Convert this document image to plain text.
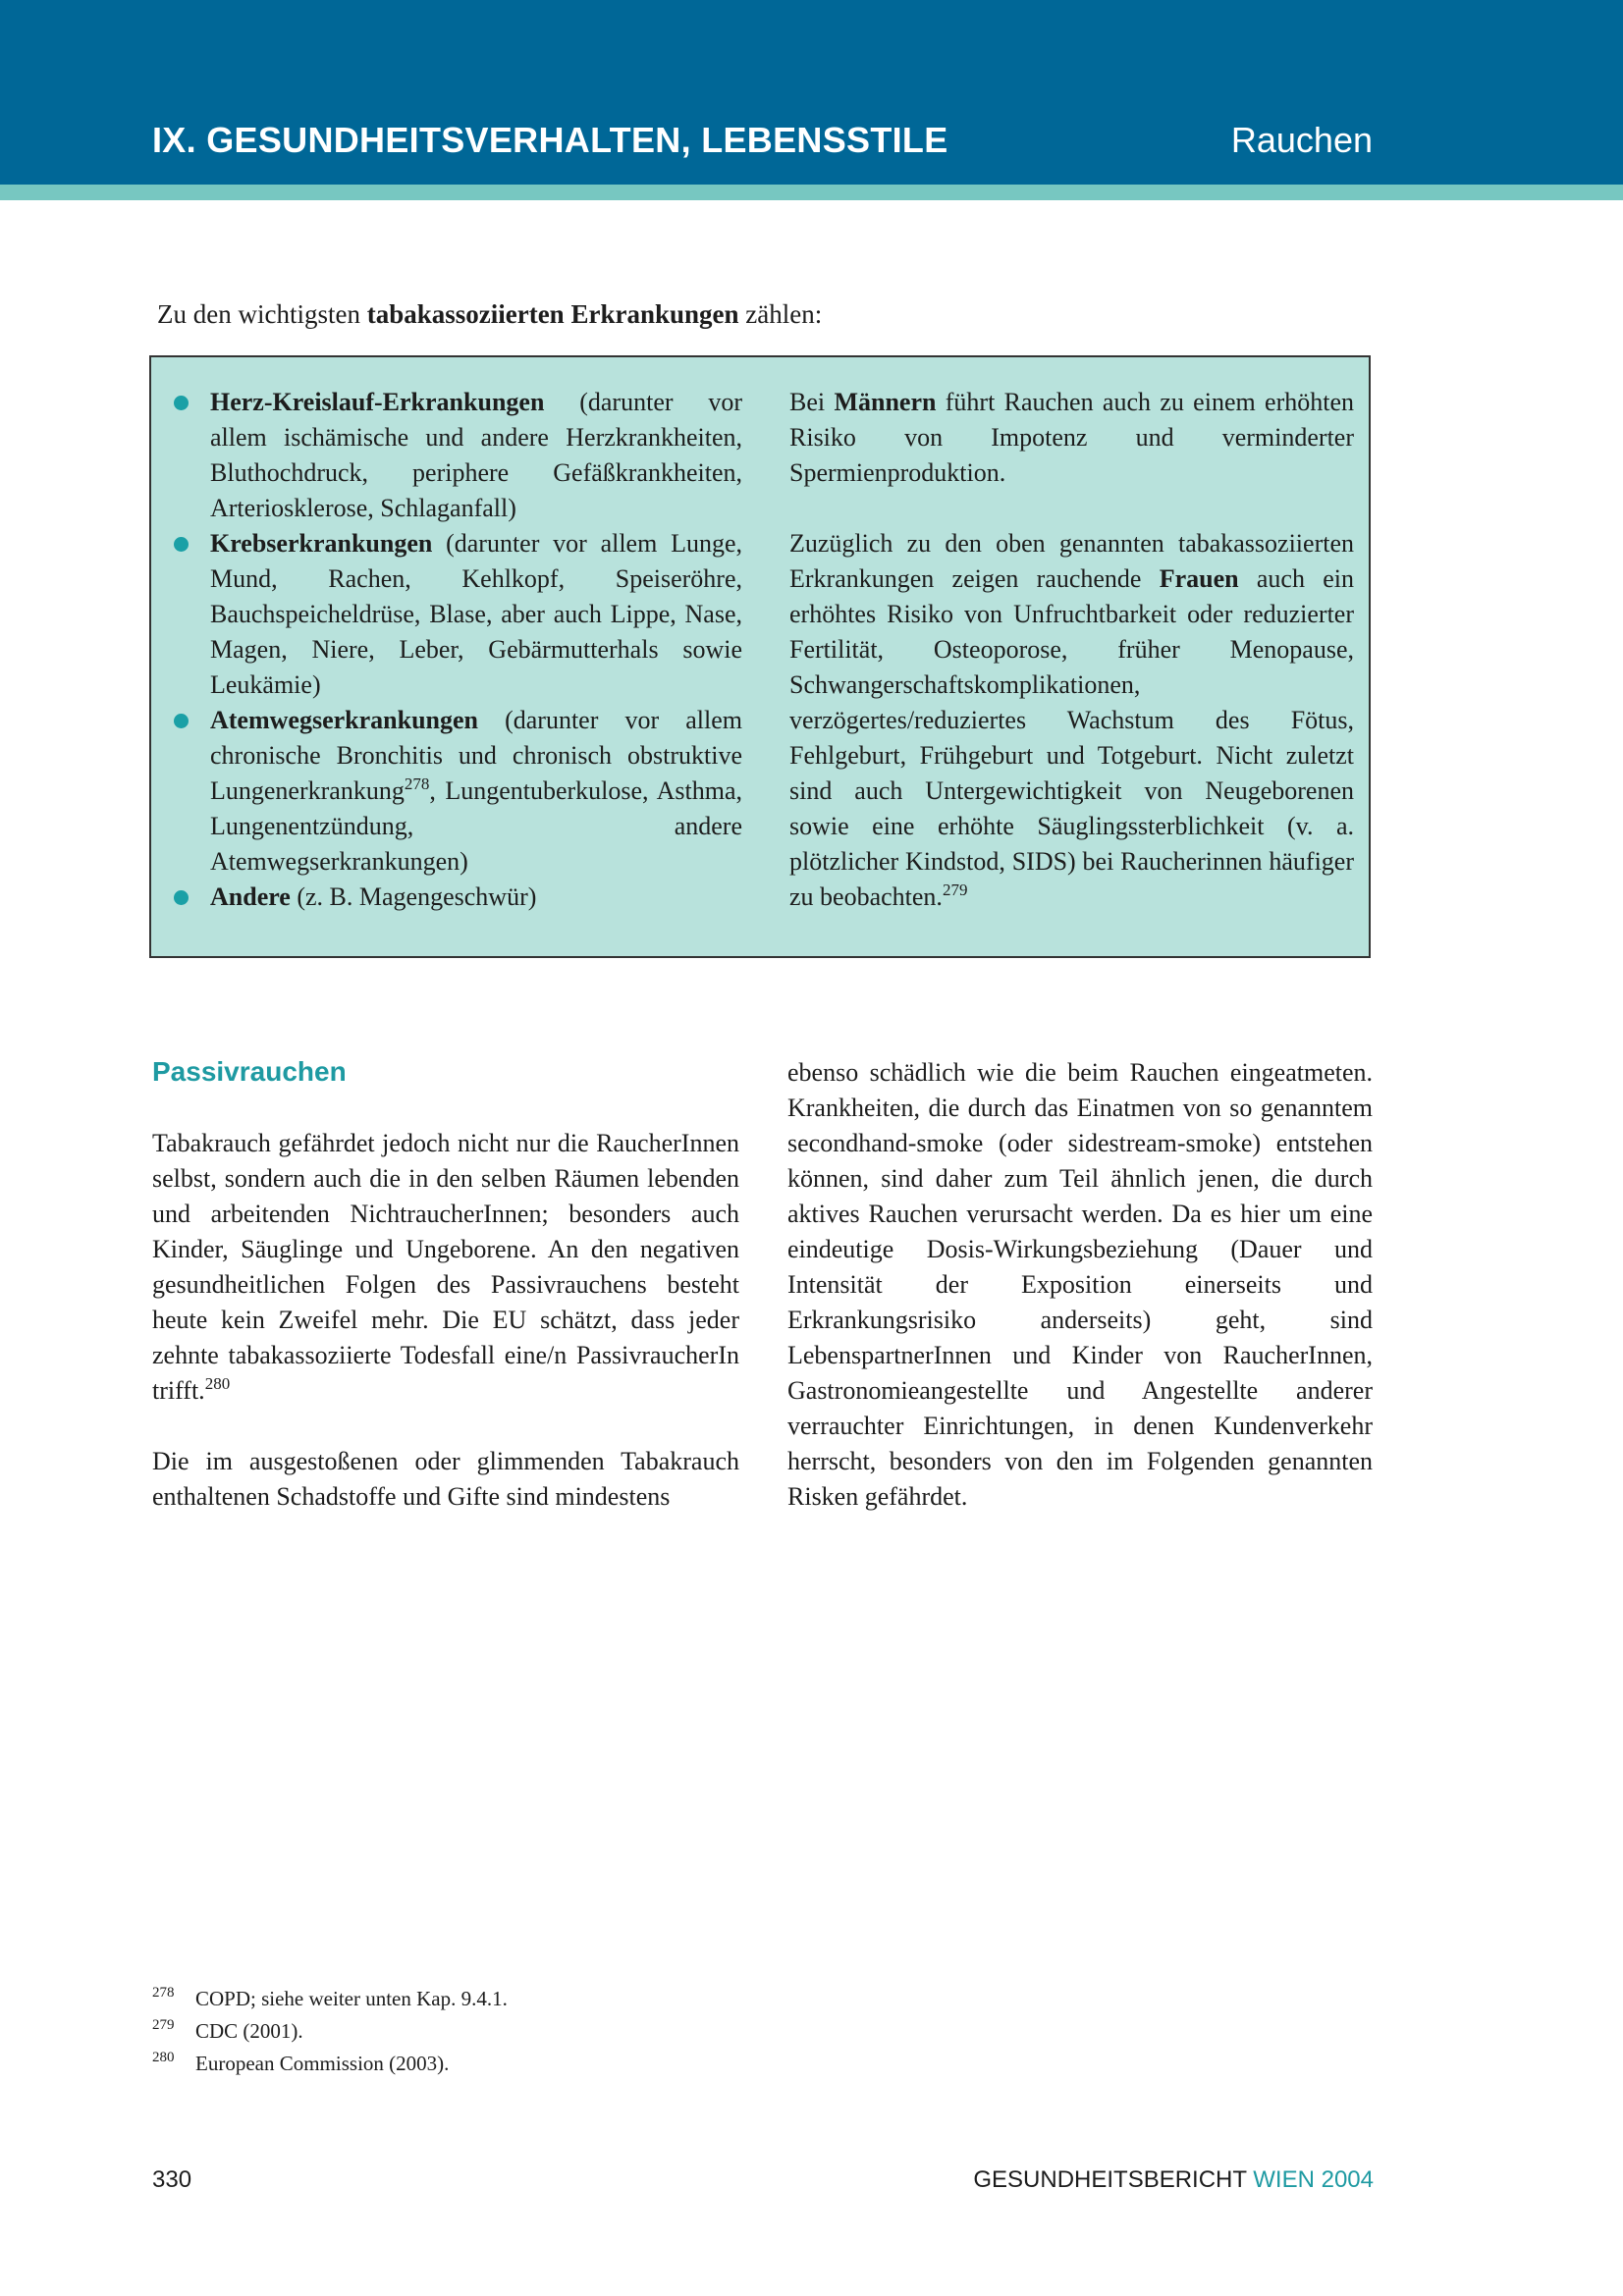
IX. GESUNDHEITSVERHALTEN, LEBENSSTILE	Rauchen
Zu den wichtigsten tabakassoziierten Erkrankungen zählen:
Herz-Kreislauf-Erkrankungen (darunter vor allem ischämische und andere Herzkrankheiten, Bluthochdruck, periphere Gefäßkrankheiten, Arteriosklerose, Schlaganfall)
Krebserkrankungen (darunter vor allem Lunge, Mund, Rachen, Kehlkopf, Speiseröhre, Bauchspeicheldrüse, Blase, aber auch Lippe, Nase, Magen, Niere, Leber, Gebärmutterhals sowie Leukämie)
Atemwegserkrankungen (darunter vor allem chronische Bronchitis und chronisch obstruktive Lungenerkrankung$^{278}$, Lungentuberkulose, Asthma, Lungenentzündung, andere Atemwegserkrankungen)
Andere (z. B. Magengeschwür)

Bei Männern führt Rauchen auch zu einem erhöhten Risiko von Impotenz und verminderter Spermienproduktion.

Zuzüglich zu den oben genannten tabakassoziierten Erkrankungen zeigen rauchende Frauen auch ein erhöhtes Risiko von Unfruchtbarkeit oder reduzierter Fertilität, Osteoporose, früher Menopause, Schwangerschaftskomplikationen, verzögertes/reduziertes Wachstum des Fötus, Fehlgeburt, Frühgeburt und Totgeburt. Nicht zuletzt sind auch Untergewichtigkeit von Neugeborenen sowie eine erhöhte Säuglingssterblichkeit (v. a. plötzlicher Kindstod, SIDS) bei Raucherinnen häufiger zu beobachten.$^{279}$

Passivrauchen

Tabakrauch gefährdet jedoch nicht nur die RaucherInnen selbst, sondern auch die in den selben Räumen lebenden und arbeitenden NichtraucherInnen; besonders auch Kinder, Säuglinge und Ungeborene. An den negativen gesundheitlichen Folgen des Passivrauchens besteht heute kein Zweifel mehr. Die EU schätzt, dass jeder zehnte tabakassoziierte Todesfall eine/n PassivraucherIn trifft.$^{280}$

Die im ausgestoßenen oder glimmenden Tabakrauch enthaltenen Schadstoffe und Gifte sind mindestens

ebenso schädlich wie die beim Rauchen eingeatmeten. Krankheiten, die durch das Einatmen von so genanntem secondhand-smoke (oder sidestream-smoke) entstehen können, sind daher zum Teil ähnlich jenen, die durch aktives Rauchen verursacht werden. Da es hier um eine eindeutige Dosis-Wirkungsbeziehung (Dauer und Intensität der Exposition einerseits und Erkrankungsrisiko anderseits) geht, sind LebenspartnerInnen und Kinder von RaucherInnen, Gastronomieangestellte und Angestellte anderer verrauchter Einrichtungen, in denen Kundenverkehr herrscht, besonders von den im Folgenden genannten Risken gefährdet.

278 COPD; siehe weiter unten Kap. 9.4.1.
279 CDC (2001).
280 European Commission (2003).
330	GESUNDHEITSBERICHT WIEN 2004
